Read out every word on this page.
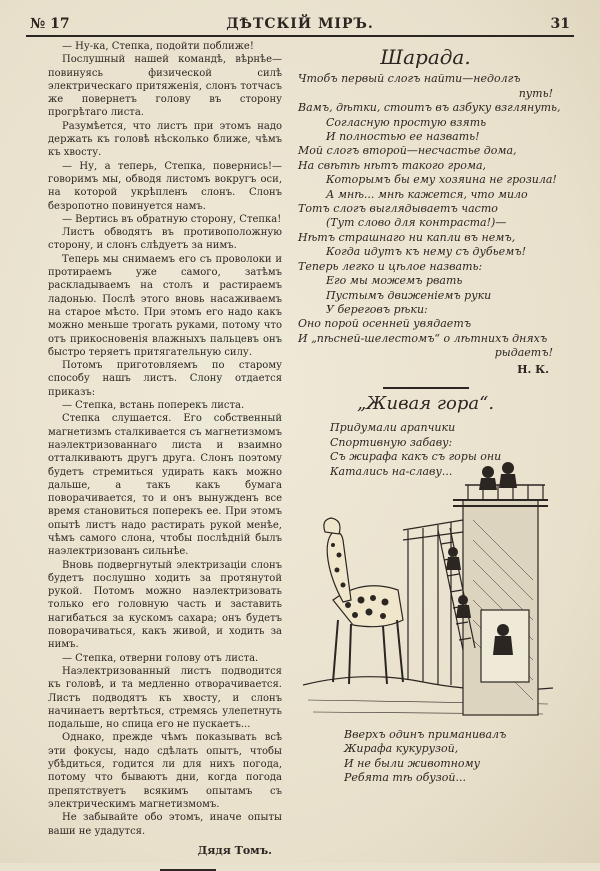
№ 17	ДѢТСКIЙ МIРЪ.	31

— Ну-ка, Степка, подойти поближе!

Послушный нашей командѣ, вѣрнѣе—повинуясь физической силѣ электрическаго притяженія, слонъ тотчасъ же повернетъ голову въ сторону прогрѣтаго листа.

Разумѣется, что листъ при этомъ надо держать къ головѣ нѣсколько ближе, чѣмъ къ хвосту.

— Ну, а теперь, Степка, повернись!—говоримъ мы, обводя листомъ вокругъ оси, на которой укрѣпленъ слонъ. Слонъ безропотно повинуется намъ.

— Вертись въ обратную сторону, Степка!

Листъ обводятъ въ противоположную сторону, и слонъ слѣдуетъ за нимъ.

Теперь мы снимаемъ его съ проволоки и протираемъ уже самого, затѣмъ раскладываемъ на столъ и растираемъ ладонью. Послѣ этого вновь насаживаемъ на старое мѣсто. При этомъ его надо какъ можно меньше трогать руками, потому что отъ прикосновенія влажныхъ пальцевъ онъ быстро теряетъ притягательную силу.

Потомъ приготовляемъ по старому способу нашъ листъ. Слону отдается приказъ:

— Степка, встань поперекъ листа.

Степка слушается. Его собственный магнетизмъ сталкивается съ магнетизмомъ наэлектризованнаго листа и взаимно отталкиваютъ другъ друга. Слонъ поэтому будетъ стремиться удирать какъ можно дальше, а такъ какъ бумага поворачивается, то и онъ вынужденъ все время становиться поперекъ ее. При этомъ опытѣ листъ надо растирать рукой менѣе, чѣмъ самого слона, чтобы послѣдній былъ наэлектризованъ сильнѣе.

Вновь подвергнутый электризаціи слонъ будетъ послушно ходить за протянутой рукой. Потомъ можно наэлектризовать только его головную часть и заставить нагибаться за кускомъ сахара; онъ будетъ поворачиваться, какъ живой, и ходить за нимъ.

— Степка, отверни голову отъ листа.

Наэлектризованный листъ подводится къ головѣ, и та медленно отворачивается. Листъ подводятъ къ хвосту, и слонъ начинаетъ вертѣться, стремясь улепетнуть подальше, но спица его не пускаетъ...

Однако, прежде чѣмъ показывать всѣ эти фокусы, надо сдѣлать опытъ, чтобы убѣдиться, годится ли для нихъ погода, потому что бываютъ дни, когда погода препятствуетъ всякимъ опытамъ съ электрическимъ магнетизмомъ.

Не забывайте обо этомъ, иначе опыты ваши не удадутся.

Дядя Томъ.

Шарада.
Чтобъ первый слогъ найти—недолгъ
путь!
Вамъ, дѣтки, стоитъ въ азбуку взглянуть,
Согласную простую взять
И полностью ее назвать!
Мой слогъ второй—несчастье дома,
На свѣтѣ нѣтъ такого грома,
Которымъ бы ему хозяина не грозила!
А мнѣ... мнѣ кажется, что мило
Тотъ слогъ выглядываетъ часто
(Тут слово для контраста!)—
Нѣтъ страшнаго ни капли въ немъ,
Когда идутъ къ нему съ дубьемъ!
Теперь легко и цѣлое назвать:
Его мы можемъ рвать
Пустымъ движеніемъ руки
У береговъ рѣки:
Оно порой осенней увядаетъ
И „пѣсней-шелестомъ“ о лѣтнихъ дняхъ
рыдаетъ!
Н. К.
„Живая гора“.
Придумали арапчики
Спортивную забаву:
Съ жирафа какъ съ горы они
Катались на-славу...
Вверхъ одинъ приманивалъ
Жирафа кукурузой,
И не были животному
Ребята тѣ обузой...
